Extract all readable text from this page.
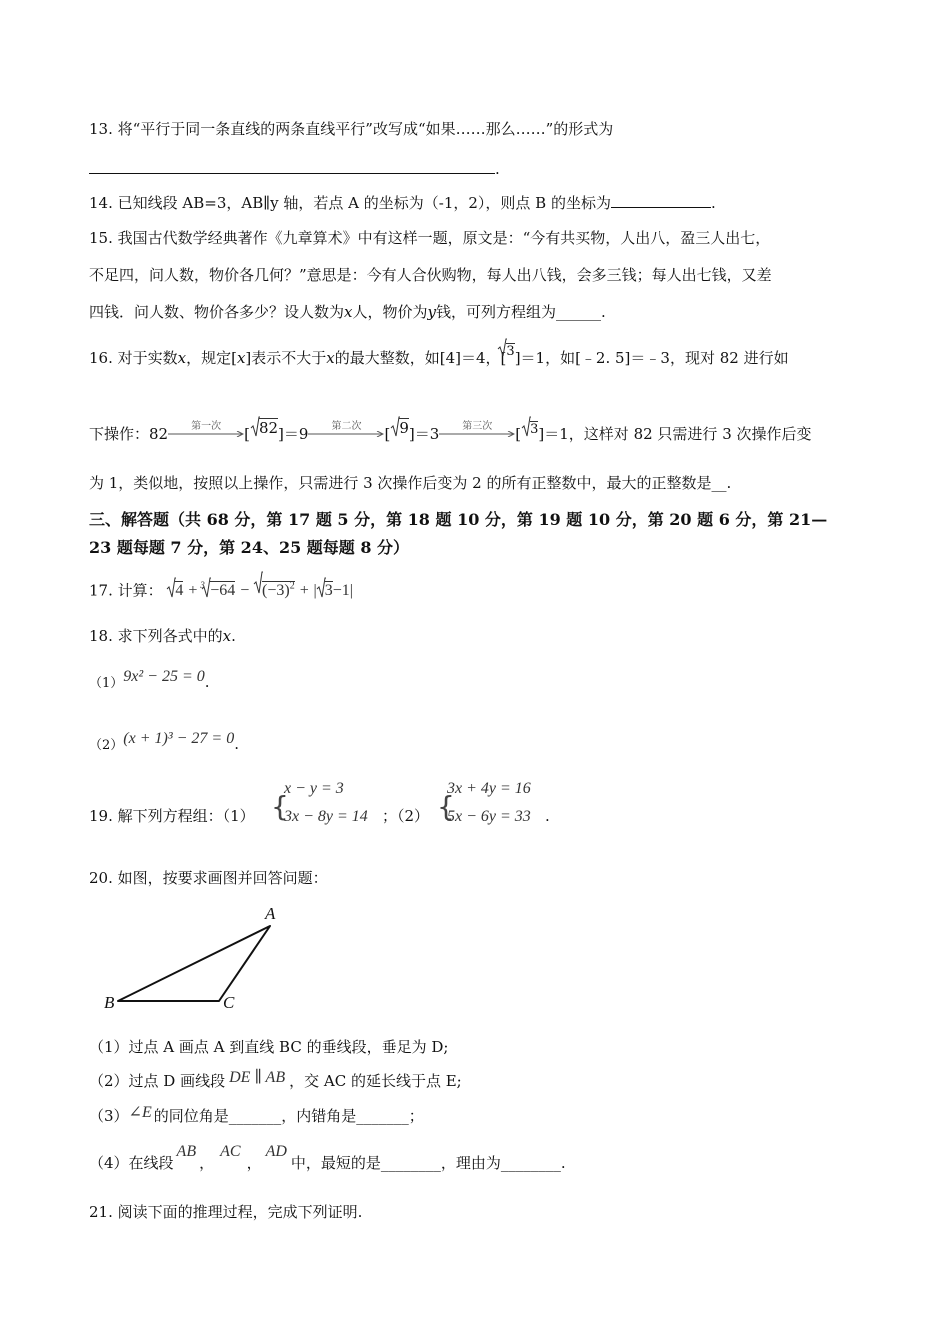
13. 将“平行于同一条直线的两条直线平行”改写成“如果……那么……”的形式为
.
14. 已知线段 AB=3，AB∥y 轴，若点 A 的坐标为（-1，2），则点 B 的坐标为	.
15. 我国古代数学经典著作《九章算术》中有这样一题，原文是：“今有共买物，人出八，盈三人出七，
不足四，问人数，物价各几何？”意思是：今有人合伙购物，每人出八钱，会多三钱；每人出七钱，又差
四钱．问人数、物价各多少？设人数为x人，物价为y钱，可列方程组为______.
16. 对于实数x，规定[x]表示不大于x的最大整数，如[4]＝4，[
3]＝1，如[﹣2. 5]＝﹣3，现对 82 进行如
下操作：82	第一次	[ 82]＝9	第二次	[ 9]＝3	第三次	[ 3]＝1，这样对 82 只需进行 3 次操作后变
为 1，类似地，按照以上操作，只需进行 3 次操作后变为 2 的所有正整数中，最大的正整数是__.
三、解答题（共 68 分，第 17 题 5 分，第 18 题 10 分，第 19 题 10 分，第 20 题 6 分，第 21—
23 题每题 7 分，第 24、25 题每题 8 分）
17. 计算： $4 + 3 -64 - (-3)^2$ + | 3−1|
18. 求下列各式中的x.
（1）9x² − 25 = 0.
（2）(x + 1)³ − 27 = 0.
19. 解下列方程组：（1） {
x − y = 3
3x − 8y = 14 ；（2） {
3x + 4y = 16
5x − 6y = 33 .
20. 如图，按要求画图并回答问题：
A
B	C
（1）过点 A 画点 A 到直线 BC 的垂线段，垂足为 D;
（2）过点 D 画线段 DE ∥ AB ，交 AC 的延长线于点 E;
（3）∠E 的同位角是_______，内错角是_______；
（4）在线段AB，AC，AD中，最短的是________，理由为________.
21. 阅读下面的推理过程，完成下列证明.
